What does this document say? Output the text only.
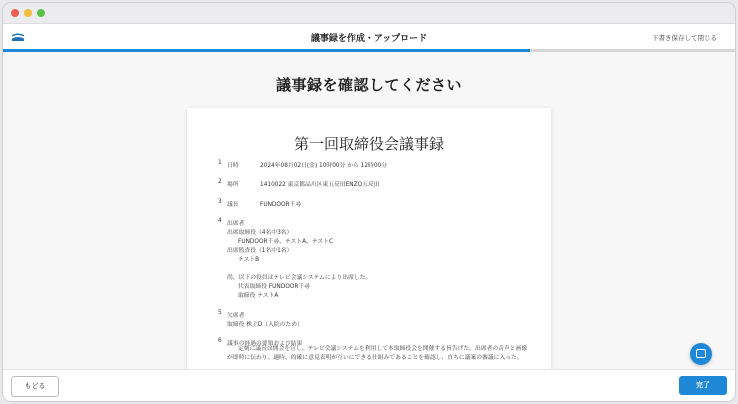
議事録を作成・アップロード	下書き保存して閉じる
議事録を確認してください
第一回取締役会議事録
1 日時	2024年08月02日(金) 10時00分 から 12時00分
2 場所	1410022 東京都品川区東五反田ENZO五反田
3 議長	FUNDOOR千尋
4 出席者
出席取締役（4名中3名）
FUNDOOR千尋、テストA、テストC
出席監査役（1名中1名）
テストB
尚、以下の役員はテレビ会議システムにより出席した。
代表取締役 FUNDOOR千尋
取締役 テストA
5 欠席者
取締役 株主D（入院のため）
6 議事の経過の要領および結果
定刻に議長は開会を宣し、テレビ会議システムを利用して本取締役会を開催する旨告げた。出席者の音声と画像が即時に伝わり、適時、的確に意見表明が互いにできる仕組みであることを確認し、直ちに議案の審議に入った。
もどる	完了
